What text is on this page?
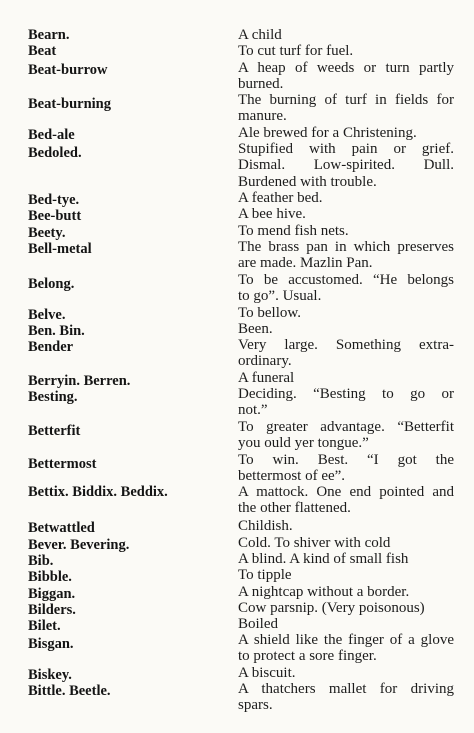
Bearn.	A child
Beat	To cut turf for fuel.
Beat-burrow	A heap of weeds or turn partly
burned.
Beat-burning	The burning of turf in fields for
manure.
Bed-ale	Ale brewed for a Christening.
Bedoled.	Stupified with pain or grief.
Dismal. Low-spirited. Dull.
Burdened with trouble.
Bed-tye.	A feather bed.
Bee-butt	A bee hive.
Beety.	To mend fish nets.
Bell-metal	The brass pan in which preserves
are made. Mazlin Pan.
Belong.	To be accustomed. “He belongs
to go”. Usual.
Belve.	To bellow.
Ben. Bin.	Been.
Bender	Very large. Something extra-
ordinary.
Berryin. Berren.	A funeral
Besting.	Deciding. “Besting to go or
not.”
Betterfit	To greater advantage. “Betterfit
you ould yer tongue.”
Bettermost	To win. Best. “I got the
bettermost of ee”.
Bettix. Biddix. Beddix.	A mattock. One end pointed and
the other flattened.
Betwattled	Childish.
Bever. Bevering.	Cold. To shiver with cold
Bib.	A blind. A kind of small fish
Bibble.	To tipple
Biggan.	A nightcap without a border.
Bilders.	Cow parsnip. (Very poisonous)
Bilet.	Boiled
Bisgan.	A shield like the finger of a glove
to protect a sore finger.
Biskey.	A biscuit.
Bittle. Beetle.	A thatchers mallet for driving
spars.
